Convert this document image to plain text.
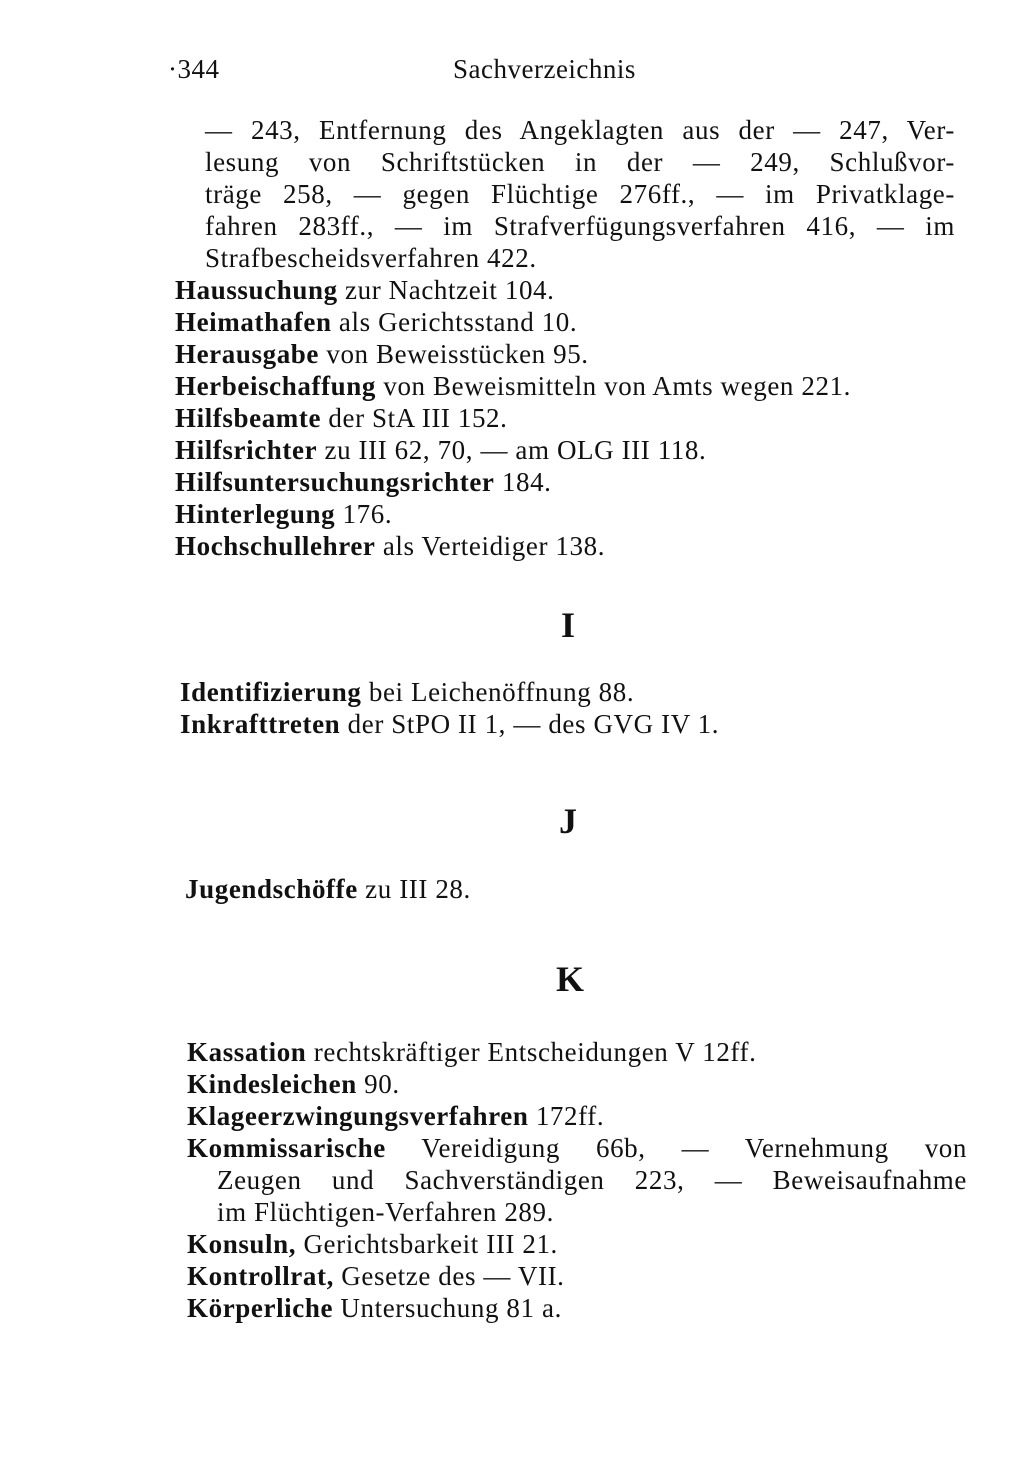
·344	Sachverzeichnis
— 243, Entfernung des Angeklagten aus der — 247, Ver-
lesung von Schriftstücken in der — 249, Schlußvor-
träge 258, — gegen Flüchtige 276ff., — im Privatklage-
fahren 283ff., — im Strafverfügungsverfahren 416, — im
Strafbescheidsverfahren 422.
Haussuchung zur Nachtzeit 104.
Heimathafen als Gerichtsstand 10.
Herausgabe von Beweisstücken 95.
Herbeischaffung von Beweismitteln von Amts wegen 221.
Hilfsbeamte der StA III 152.
Hilfsrichter zu III 62, 70, — am OLG III 118.
Hilfsuntersuchungsrichter 184.
Hinterlegung 176.
Hochschullehrer als Verteidiger 138.
I
Identifizierung bei Leichenöffnung 88.
Inkrafttreten der StPO II 1, — des GVG IV 1.
J
Jugendschöffe zu III 28.
K
Kassation rechtskräftiger Entscheidungen V 12ff.
Kindesleichen 90.
Klageerzwingungsverfahren 172ff.
Kommissarische Vereidigung 66b, — Vernehmung von
Zeugen und Sachverständigen 223, — Beweisaufnahme
im Flüchtigen-Verfahren 289.
Konsuln, Gerichtsbarkeit III 21.
Kontrollrat, Gesetze des — VII.
Körperliche Untersuchung 81 a.
